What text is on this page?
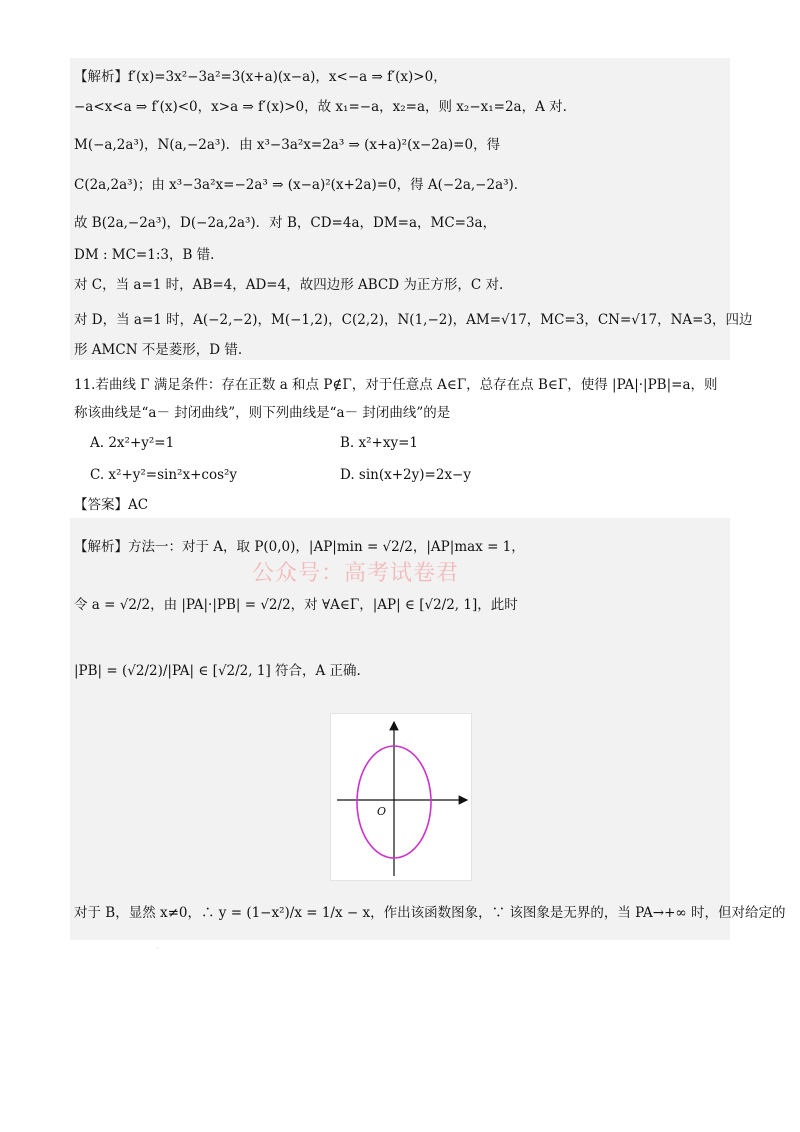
【解析】f′(x)=3x²−3a²=3(x+a)(x−a)，x<−a ⇒ f′(x)>0，
−a<x<a ⇒ f′(x)<0，x>a ⇒ f′(x)>0，故 x₁=−a，x₂=a，则 x₂−x₁=2a，A 对.
M(−a,2a³)，N(a,−2a³)．由 x³−3a²x=2a³ ⇒ (x+a)²(x−2a)=0，得
C(2a,2a³)；由 x³−3a²x=−2a³ ⇒ (x−a)²(x+2a)=0，得 A(−2a,−2a³)．
故 B(2a,−2a³)，D(−2a,2a³)．对 B，CD=4a，DM=a，MC=3a，
DM : MC=1:3，B 错.
对 C，当 a=1 时，AB=4，AD=4，故四边形 ABCD 为正方形，C 对.
对 D，当 a=1 时，A(−2,−2)，M(−1,2)，C(2,2)，N(1,−2)，AM=√17，MC=3，CN=√17，NA=3，四边
形 AMCN 不是菱形，D 错.
11.若曲线 Γ 满足条件：存在正数 a 和点 P∉Γ，对于任意点 A∈Γ，总存在点 B∈Γ，使得 |PA|·|PB|=a，则
称该曲线是“a－ 封闭曲线”，则下列曲线是“a－ 封闭曲线”的是
A. 2x²+y²=1	B. x²+xy=1
C. x²+y²=sin²x+cos²y	D. sin(x+2y)=2x−y
【答案】AC
【解析】方法一：对于 A，取 P(0,0)，|AP|min = √2/2，|AP|max = 1，
令 a = √2/2，由 |PA|·|PB| = √2/2，对 ∀A∈Γ，|AP| ∈ [√2/2, 1]，此时
|PB| = (√2/2)/|PA| ∈ [√2/2, 1] 符合，A 正确.
公众号：高考试卷君
O
对于 B，显然 x≠0，∴ y = (1−x²)/x = 1/x − x，作出该函数图象，∵ 该图象是无界的，当 PA→+∞ 时，但对给定的
·
